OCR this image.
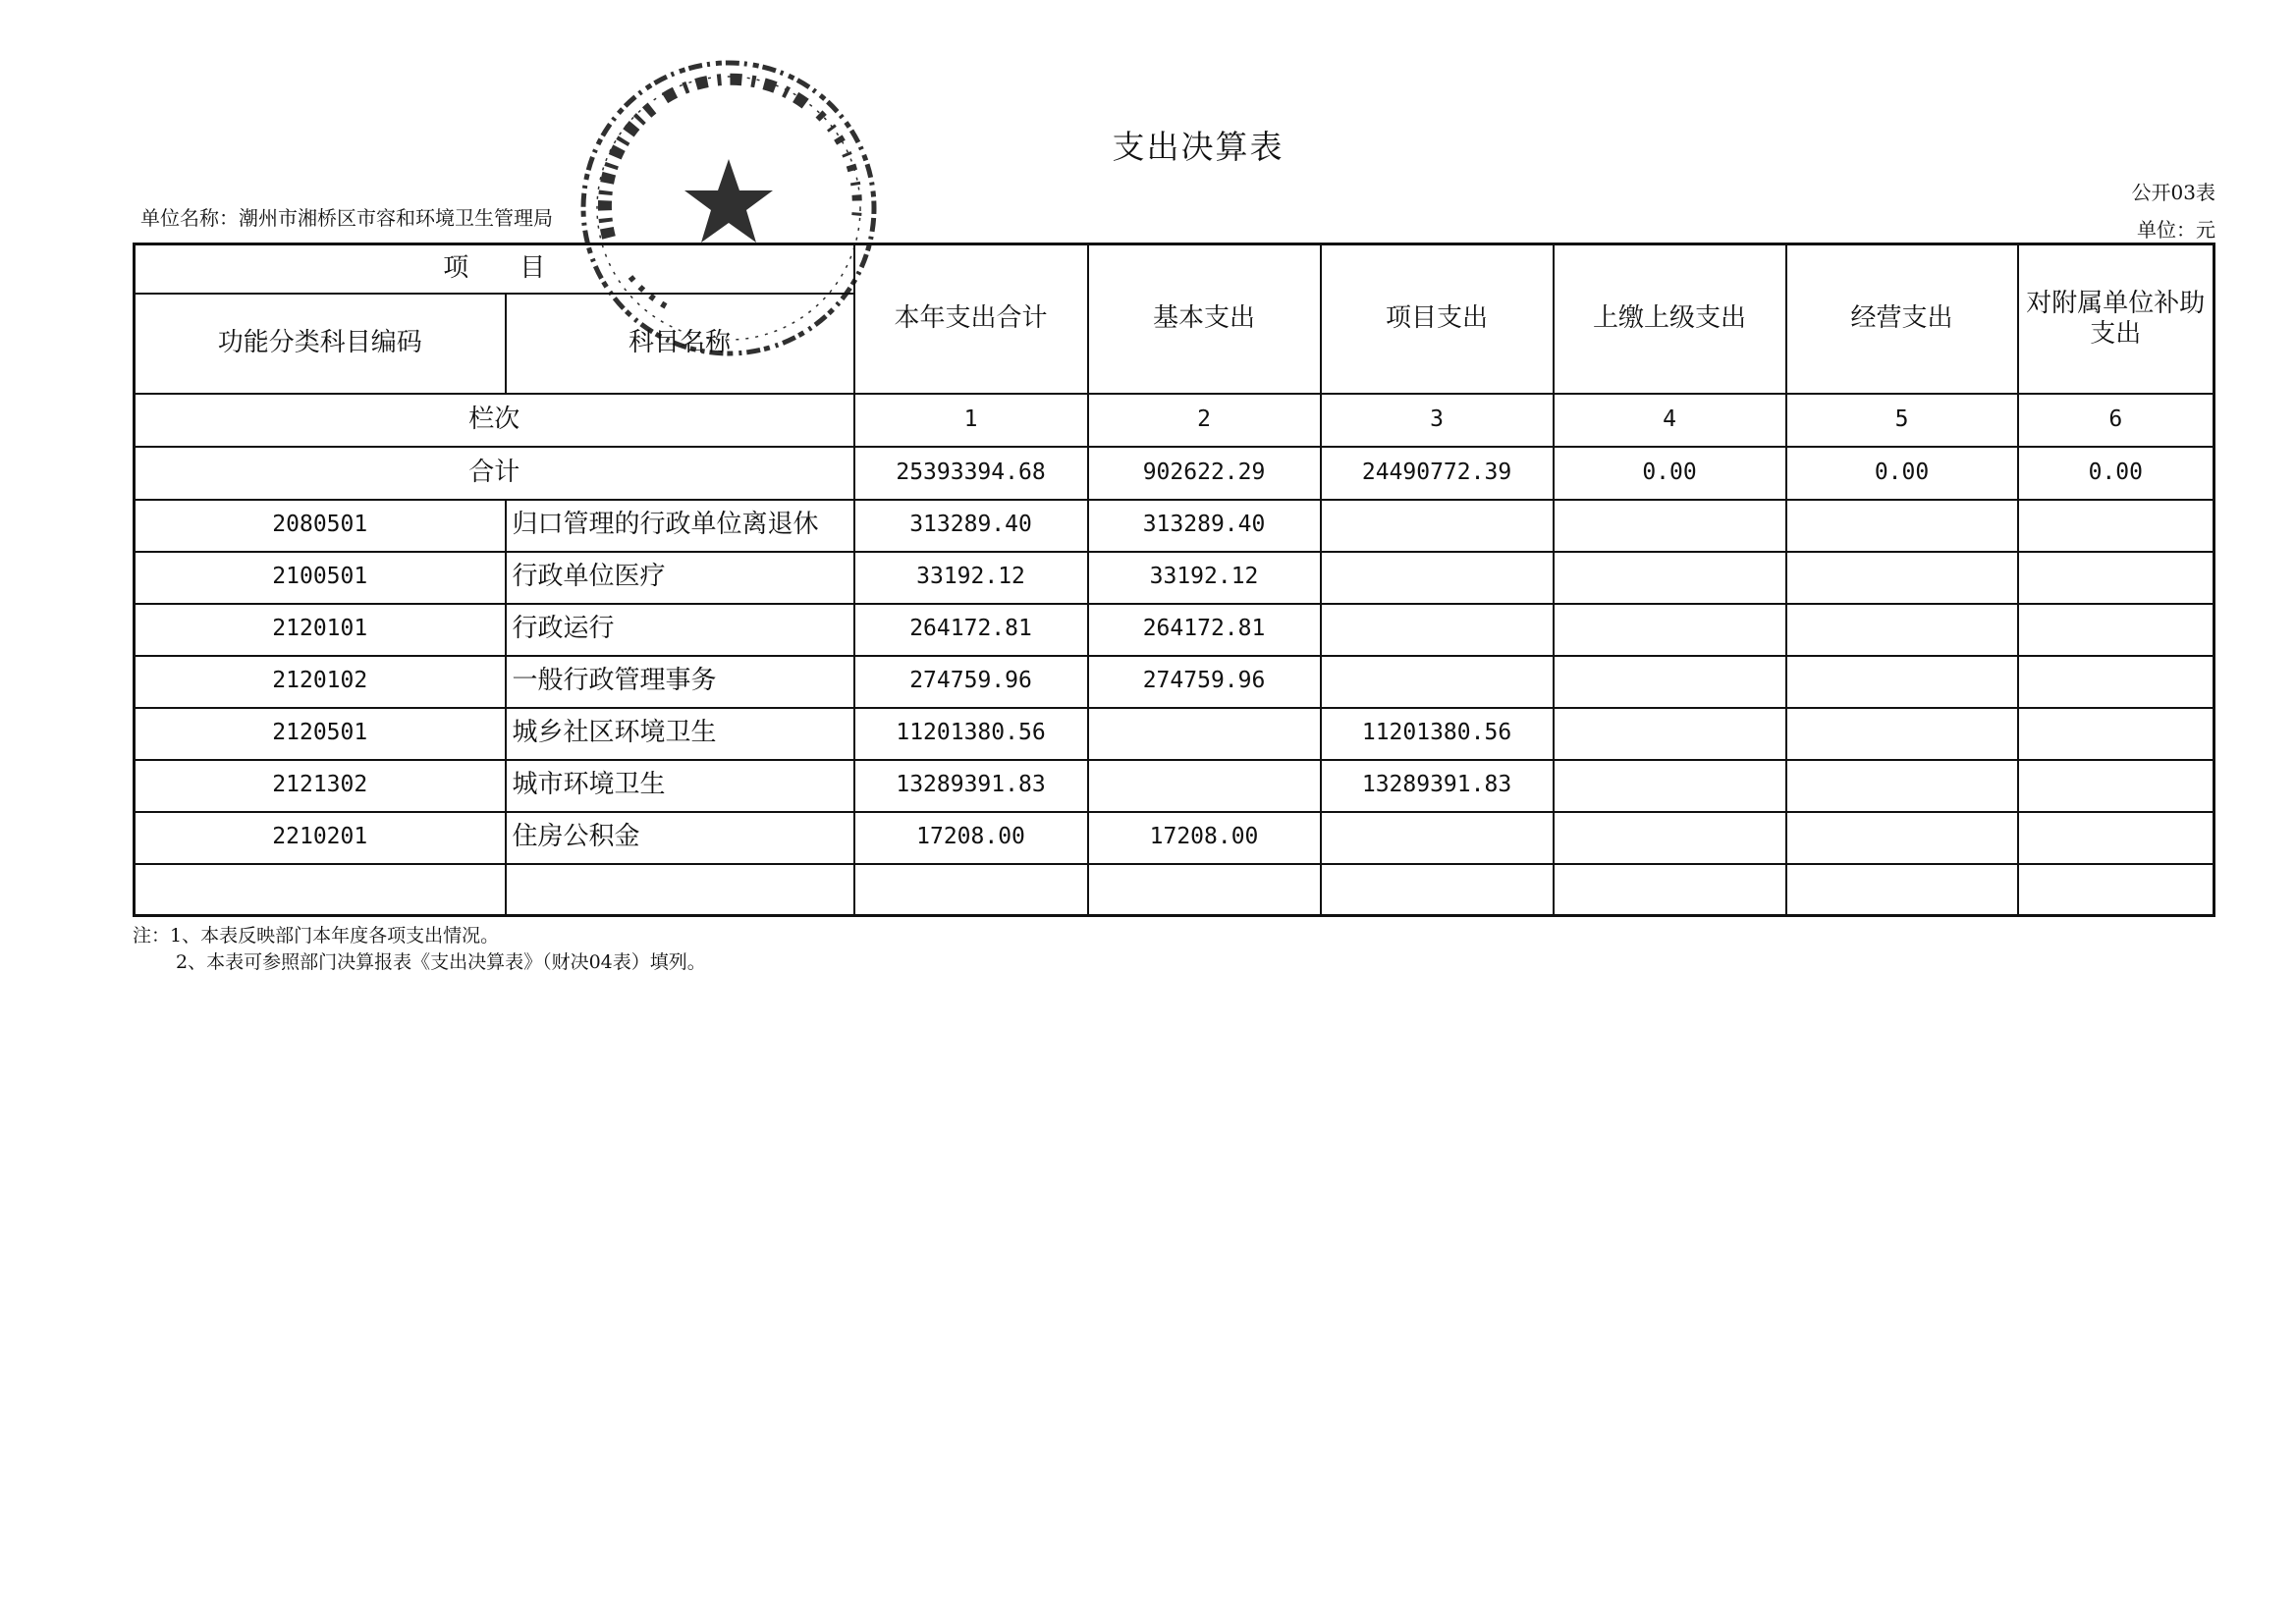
支出决算表
单位名称：潮州市湘桥区市容和环境卫生管理局
公开03表
单位：元
项　　目		本年支出合计	基本支出	项目支出	上缴上级支出	经营支出	对附属单位补助支出
功能分类科目编码	科目名称						
栏次		1	2	3	4	5	6
合计		25393394.68	902622.29	24490772.39	0.00	0.00	0.00
2080501	归口管理的行政单位离退休	313289.40	313289.40				
2100501	行政单位医疗	33192.12	33192.12				
2120101	行政运行	264172.81	264172.81				
2120102	一般行政管理事务	274759.96	274759.96				
2120501	城乡社区环境卫生	11201380.56		11201380.56			
2121302	城市环境卫生	13289391.83		13289391.83			
2210201	住房公积金	17208.00	17208.00				

注：1、本表反映部门本年度各项支出情况。
2、本表可参照部门决算报表《支出决算表》（财决04表）填列。
